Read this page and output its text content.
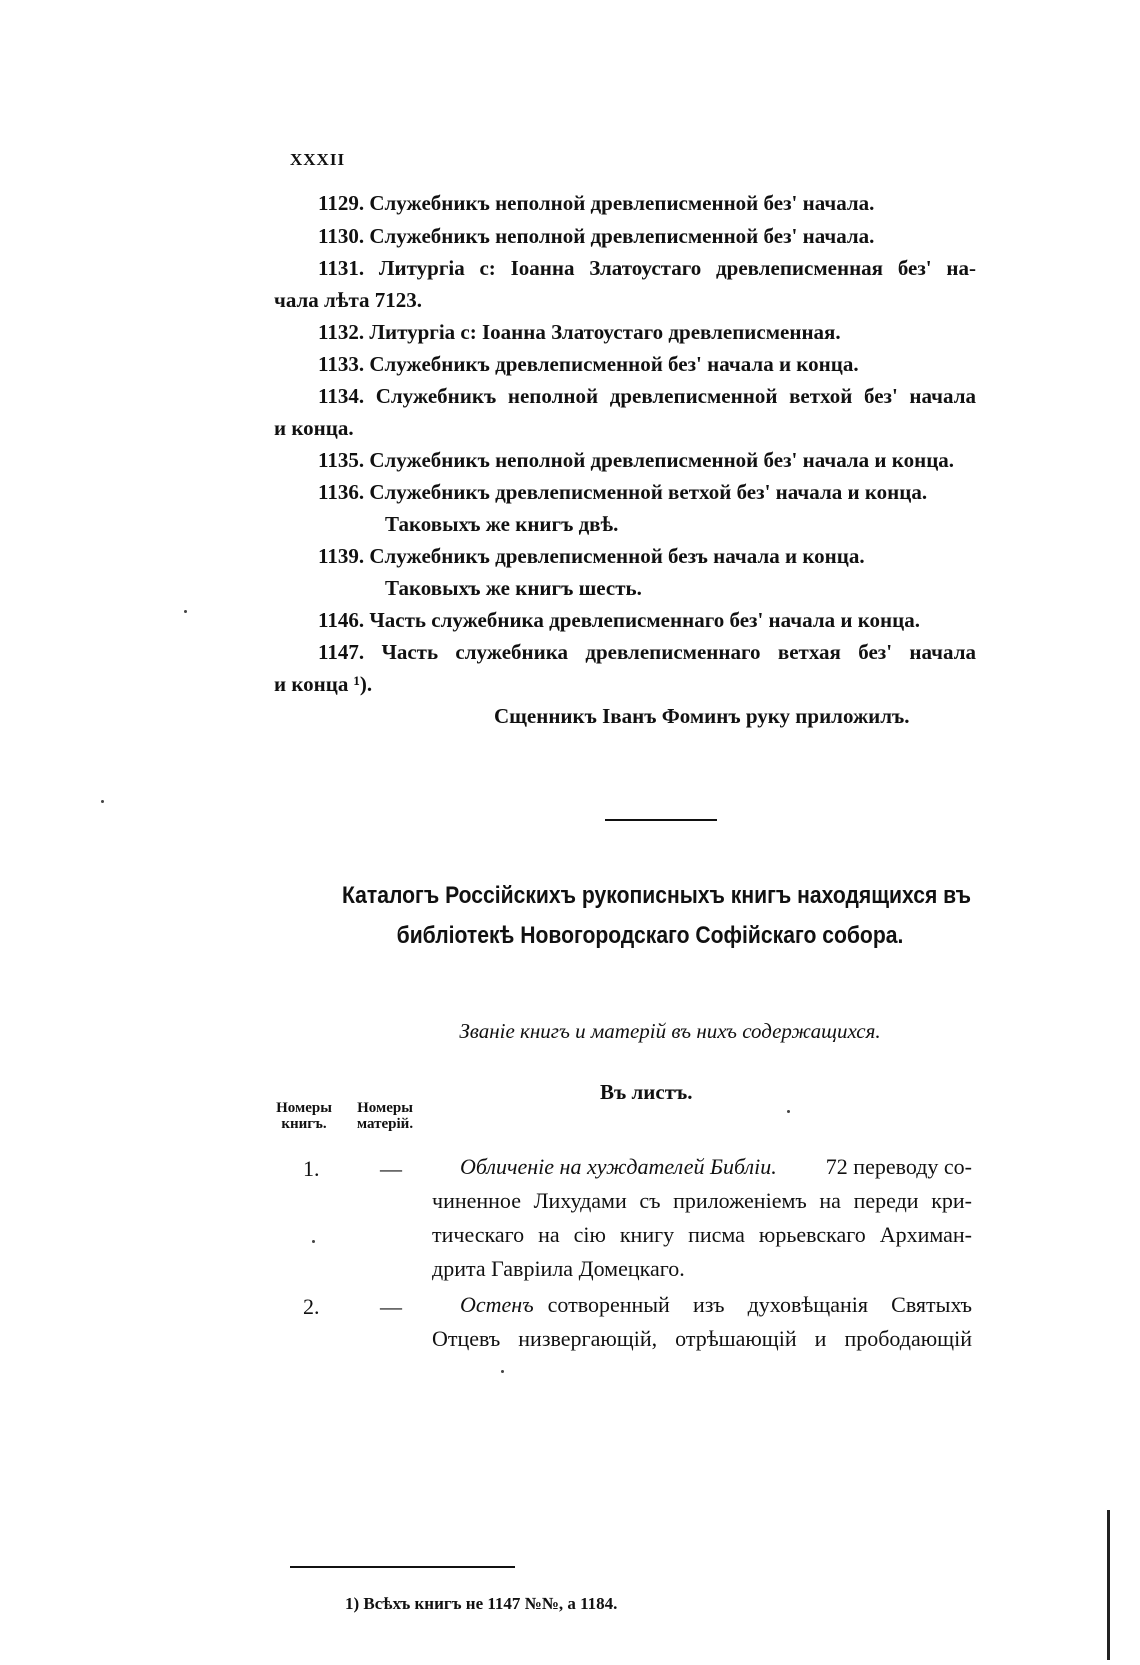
XXXII
1129. Служебникъ неполной древлеписменной без' начала.
1130. Служебникъ неполной древлеписменной без' начала.
1131. Литургіа с: Іоанна Златоустаго древлеписменная без' на-
чала лѣта 7123.
1132. Литургіа с: Іоанна Златоустаго древлеписменная.
1133. Служебникъ древлеписменной без' начала и конца.
1134. Служебникъ неполной древлеписменной ветхой без' начала
и конца.
1135. Служебникъ неполной древлеписменной без' начала и конца.
1136. Служебникъ древлеписменной ветхой без' начала и конца.
Таковыхъ же книгъ двѣ.
1139. Служебникъ древлеписменной безъ начала и конца.
Таковыхъ же книгъ шесть.
1146. Часть служебника древлеписменнаго без' начала и конца.
1147. Часть служебника древлеписменнаго ветхая без' начала
и конца ¹).
Сщенникъ Іванъ Фоминъ руку приложилъ.
Каталогъ Россійскихъ рукописныхъ книгъ находящихся въ
библіотекѣ Новогородскаго Софійскаго собора.
Званіе книгъ и матерій въ нихъ содержащихся.
Въ листъ.
Номеры книгъ.
Номеры матерій.
1.	—	Обличеніе на хуждателей Библіи. 72 переводу со-
чиненное Лихудами съ приложеніемъ на переди кри-
тическаго на сію книгу писма юрьевскаго Архиман-
дрита Гавріила Домецкаго.
2.	—	Остенъ сотворенный изъ духовѣщанія Святыхъ
Отцевъ низвергающій, отрѣшающій и прободающій
1) Всѣхъ книгъ не 1147 №№, а 1184.
